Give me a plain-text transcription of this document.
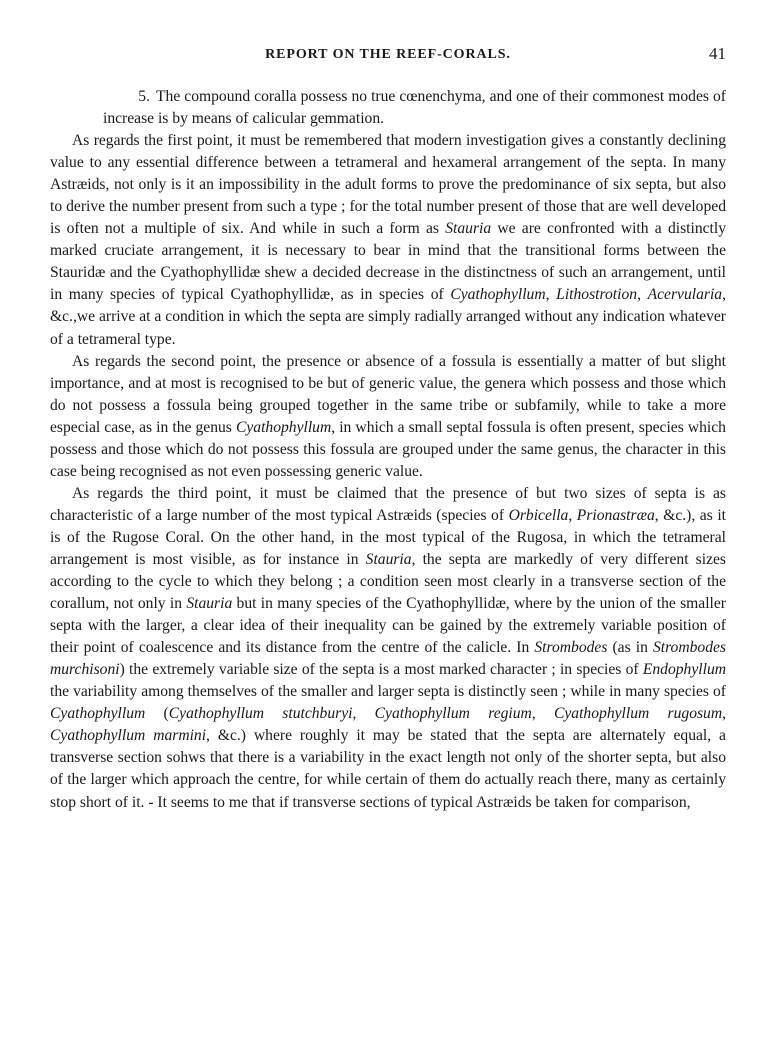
REPORT ON THE REEF-CORALS.	41

5. The compound coralla possess no true cœnenchyma, and one of their commonest modes of increase is by means of calicular gemmation.

As regards the first point, it must be remembered that modern investigation gives a constantly declining value to any essential difference between a tetrameral and hexameral arrangement of the septa. In many Astræids, not only is it an impossibility in the adult forms to prove the predominance of six septa, but also to derive the number present from such a type ; for the total number present of those that are well developed is often not a multiple of six. And while in such a form as Stauria we are confronted with a distinctly marked cruciate arrangement, it is necessary to bear in mind that the transitional forms between the Stauridæ and the Cyathophyllidæ shew a decided decrease in the distinctness of such an arrangement, until in many species of typical Cyathophyllidæ, as in species of Cyathophyllum, Lithostrotion, Acervularia, &c.,we arrive at a condition in which the septa are simply radially arranged without any indication whatever of a tetrameral type.

As regards the second point, the presence or absence of a fossula is essentially a matter of but slight importance, and at most is recognised to be but of generic value, the genera which possess and those which do not possess a fossula being grouped together in the same tribe or subfamily, while to take a more especial case, as in the genus Cyathophyllum, in which a small septal fossula is often present, species which possess and those which do not possess this fossula are grouped under the same genus, the character in this case being recognised as not even possessing generic value.

As regards the third point, it must be claimed that the presence of but two sizes of septa is as characteristic of a large number of the most typical Astræids (species of Orbicella, Prionastræa, &c.), as it is of the Rugose Coral. On the other hand, in the most typical of the Rugosa, in which the tetrameral arrangement is most visible, as for instance in Stauria, the septa are markedly of very different sizes according to the cycle to which they belong ; a condition seen most clearly in a transverse section of the corallum, not only in Stauria but in many species of the Cyathophyllidæ, where by the union of the smaller septa with the larger, a clear idea of their inequality can be gained by the extremely variable position of their point of coalescence and its distance from the centre of the calicle. In Strombodes (as in Strombodes murchisoni) the extremely variable size of the septa is a most marked character ; in species of Endophyllum the variability among themselves of the smaller and larger septa is distinctly seen ; while in many species of Cyathophyllum (Cyathophyllum stutchburyi, Cyathophyllum regium, Cyathophyllum rugosum, Cyathophyllum marmini, &c.) where roughly it may be stated that the septa are alternately equal, a transverse section sohws that there is a variability in the exact length not only of the shorter septa, but also of the larger which approach the centre, for while certain of them do actually reach there, many as certainly stop short of it. - It seems to me that if transverse sections of typical Astræids be taken for comparison,
